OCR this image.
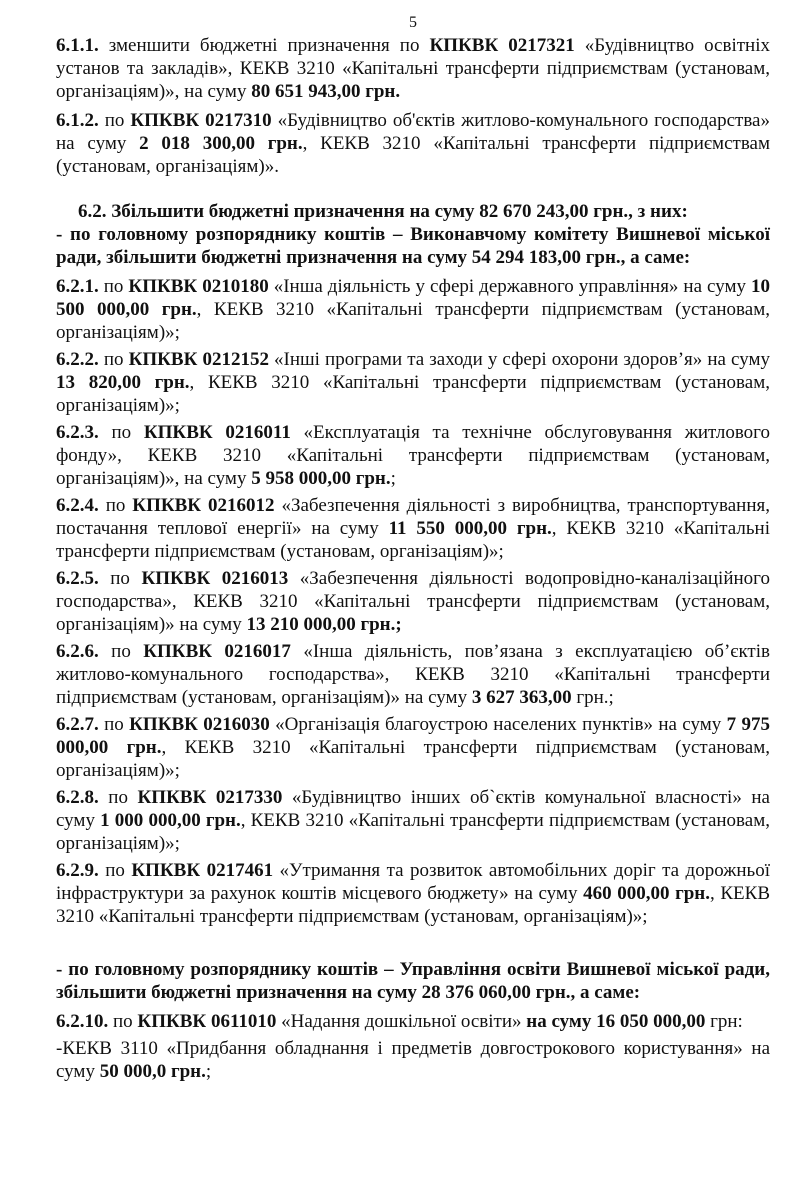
5

6.1.1. зменшити бюджетні призначення по КПКВК 0217321 «Будівництво освітніх установ та закладів», КЕКВ 3210 «Капітальні трансферти підприємствам (установам, організаціям)», на суму 80 651 943,00 грн.

6.1.2. по КПКВК 0217310 «Будівництво об'єктів житлово-комунального господарства» на суму 2 018 300,00 грн., КЕКВ 3210 «Капітальні трансферти підприємствам (установам, організаціям)».

6.2. Збільшити бюджетні призначення на суму 82 670 243,00 грн., з них:
- по головному розпоряднику коштів – Виконавчому комітету Вишневої міської ради, збільшити бюджетні призначення на суму 54 294 183,00 грн., а саме:

6.2.1. по КПКВК 0210180 «Інша діяльність у сфері державного управління» на суму 10 500 000,00 грн., КЕКВ 3210 «Капітальні трансферти підприємствам (установам, організаціям)»;

6.2.2. по КПКВК 0212152 «Інші програми та заходи у сфері охорони здоров’я» на суму 13 820,00 грн., КЕКВ 3210 «Капітальні трансферти підприємствам (установам, організаціям)»;

6.2.3. по КПКВК 0216011 «Експлуатація та технічне обслуговування житлового фонду», КЕКВ 3210 «Капітальні трансферти підприємствам (установам, організаціям)», на суму 5 958 000,00 грн.;

6.2.4. по КПКВК 0216012 «Забезпечення діяльності з виробництва, транспортування, постачання теплової енергії» на суму 11 550 000,00 грн., КЕКВ 3210 «Капітальні трансферти підприємствам (установам, організаціям)»;

6.2.5. по КПКВК 0216013 «Забезпечення діяльності водопровідно-каналізаційного господарства», КЕКВ 3210 «Капітальні трансферти підприємствам (установам, організаціям)» на суму 13 210 000,00 грн.;

6.2.6. по КПКВК 0216017 «Інша діяльність, пов’язана з експлуатацією об’єктів житлово-комунального господарства», КЕКВ 3210 «Капітальні трансферти підприємствам (установам, організаціям)» на суму 3 627 363,00 грн.;

6.2.7. по КПКВК 0216030 «Організація благоустрою населених пунктів» на суму 7 975 000,00 грн., КЕКВ 3210 «Капітальні трансферти підприємствам (установам, організаціям)»;

6.2.8. по КПКВК 0217330 «Будівництво інших об`єктів комунальної власності» на суму 1 000 000,00 грн., КЕКВ 3210 «Капітальні трансферти підприємствам (установам, організаціям)»;

6.2.9. по КПКВК 0217461 «Утримання та розвиток автомобільних доріг та дорожньої інфраструктури за рахунок коштів місцевого бюджету» на суму 460 000,00 грн., КЕКВ 3210 «Капітальні трансферти підприємствам (установам, організаціям)»;

- по головному розпоряднику коштів – Управління освіти Вишневої міської ради, збільшити бюджетні призначення на суму 28 376 060,00 грн., а саме:

6.2.10. по КПКВК 0611010 «Надання дошкільної освіти» на суму 16 050 000,00 грн:

-КЕКВ 3110 «Придбання обладнання і предметів довгострокового користування» на суму 50 000,0 грн.;
